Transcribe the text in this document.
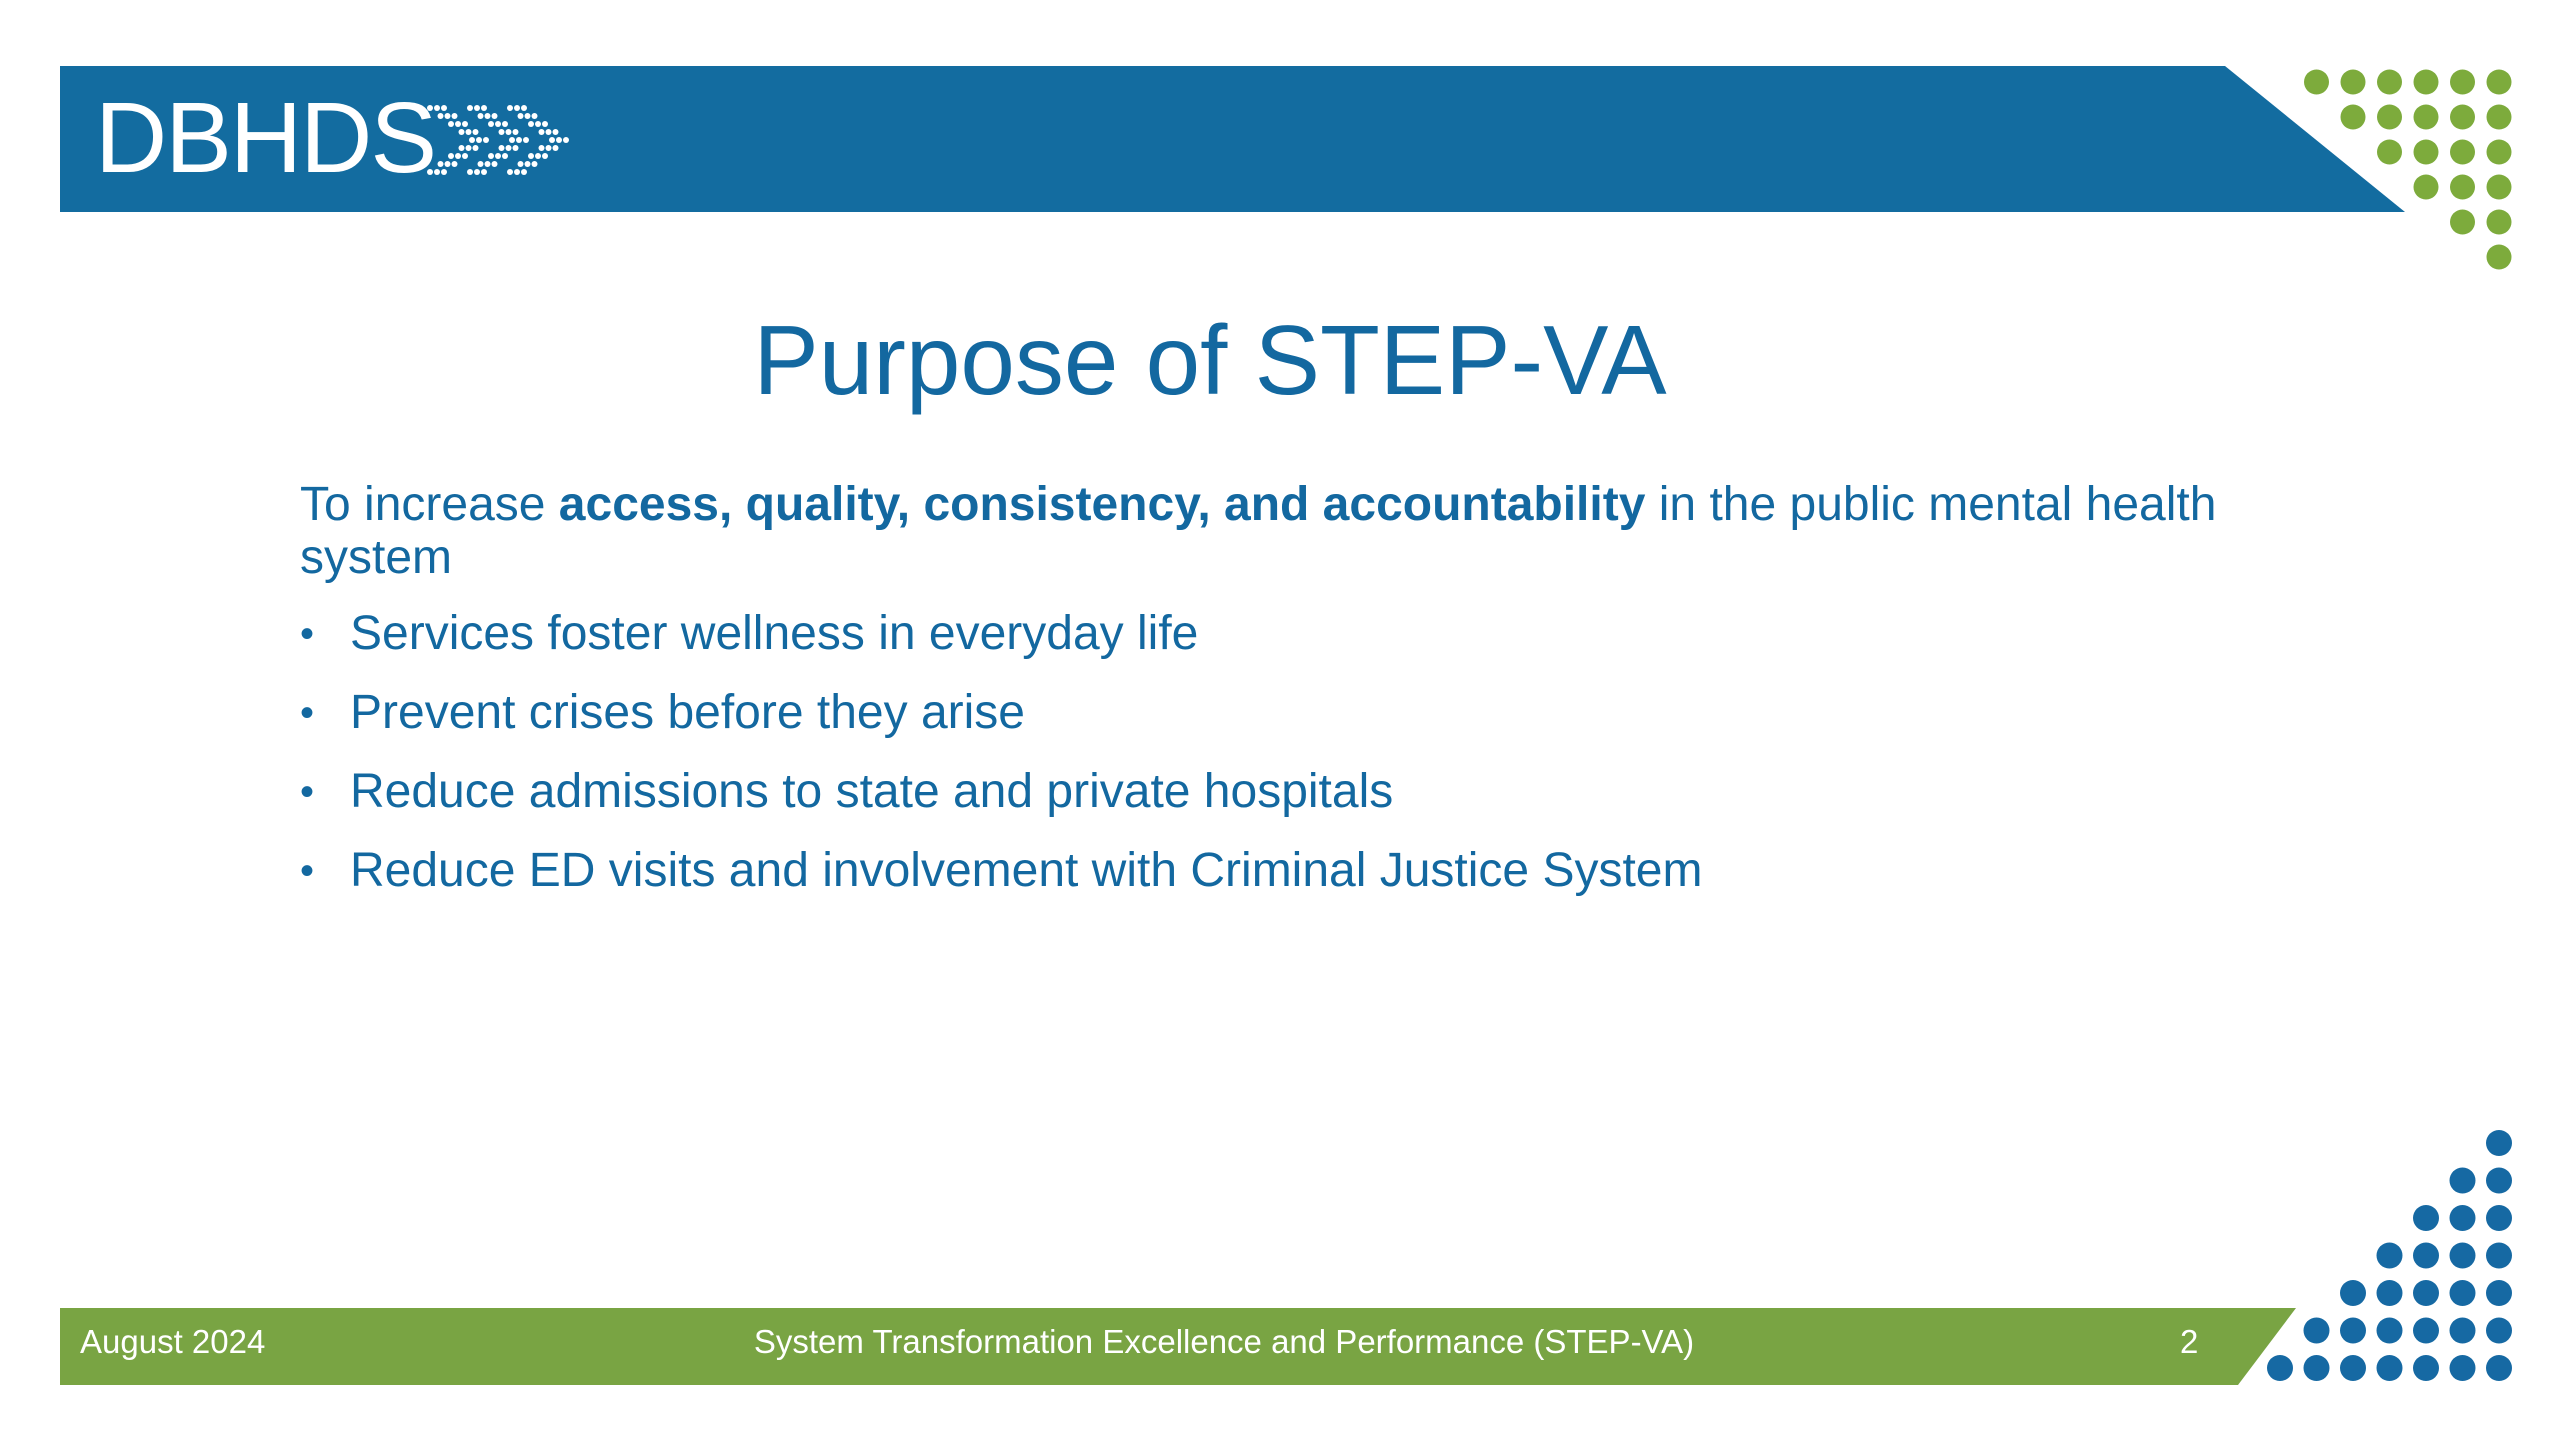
DBHDS
Purpose of STEP-VA

To increase access, quality, consistency, and accountability in the public mental health system

• Services foster wellness in everyday life
• Prevent crises before they arise
• Reduce admissions to state and private hospitals
• Reduce ED visits and involvement with Criminal Justice System
August 2024	System Transformation Excellence and Performance (STEP-VA)	2
